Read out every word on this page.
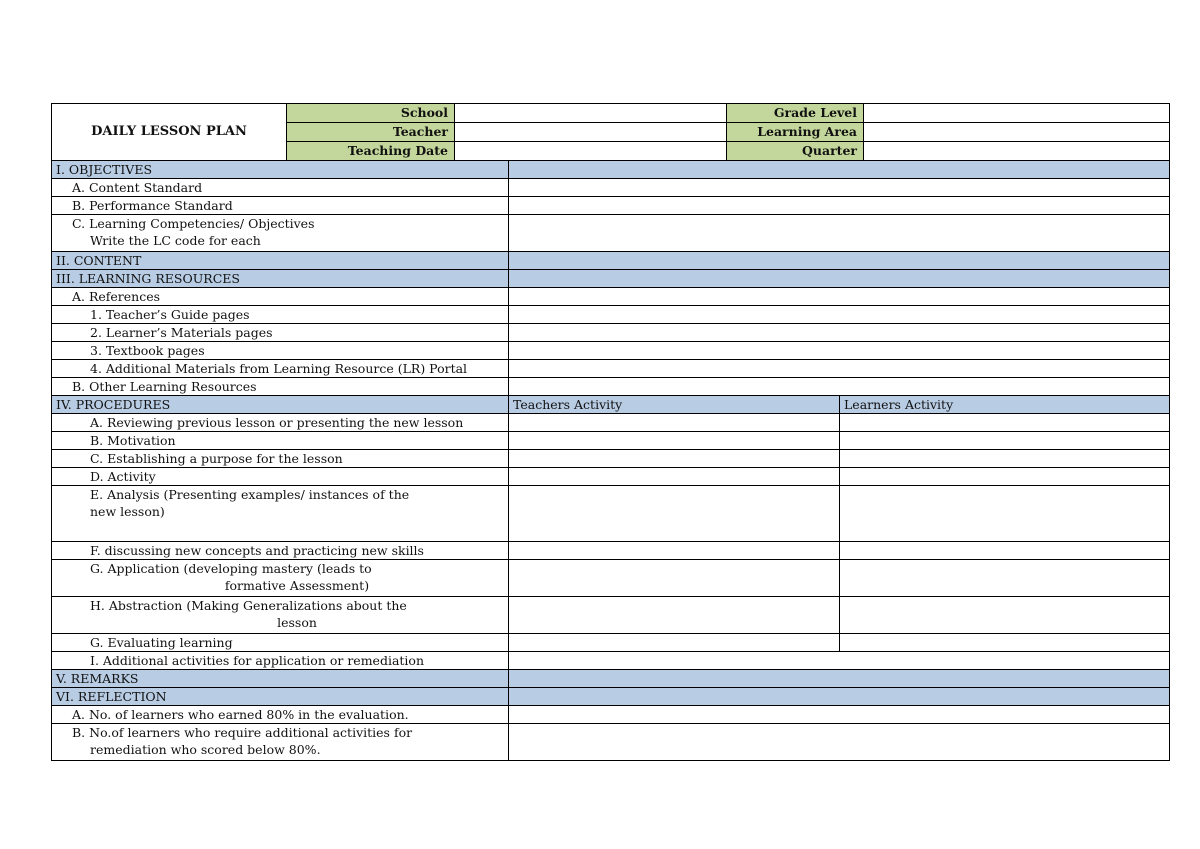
DAILY LESSON PLAN	School		Grade Level	
	Teacher		Learning Area	
	Teaching Date		Quarter	
I. OBJECTIVES		
A. Content Standard		
B. Performance Standard		

C. Learning Competencies/ Objectives
Write the LC code for each		

II. CONTENT		
III. LEARNING RESOURCES		
A. References		
1. Teacher’s Guide pages		
2. Learner’s Materials pages		
3. Textbook pages		
4. Additional Materials from Learning Resource (LR) Portal		
B. Other Learning Resources		
IV. PROCEDURES	Teachers Activity	Learners Activity
A. Reviewing previous lesson or presenting the new lesson		
B. Motivation		
C. Establishing a purpose for the lesson		
D. Activity		

E. Analysis (Presenting examples/ instances of the
new lesson)		

F. discussing new concepts and practicing new skills		

G. Application (developing mastery (leads to
formative Assessment)		

H. Abstraction (Making Generalizations about the
lesson		

G. Evaluating learning		
I. Additional activities for application or remediation		
V. REMARKS		
VI. REFLECTION		
A. No. of learners who earned 80% in the evaluation.		

B. No.of learners who require additional activities for
remediation who scored below 80%.		
